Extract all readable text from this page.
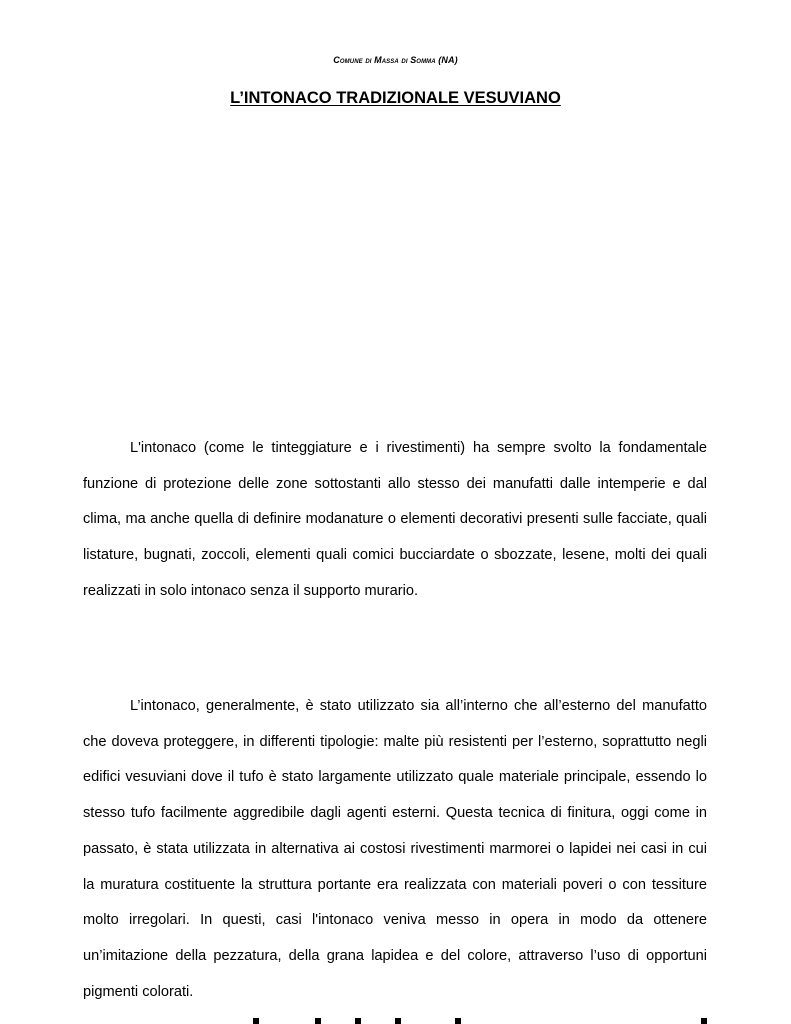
Comune di Massa di Somma (NA)
L’INTONACO TRADIZIONALE VESUVIANO

L'intonaco (come le tinteggiature e i rivestimenti) ha sempre svolto la fondamentale funzione di protezione delle zone sottostanti allo stesso dei manufatti dalle intemperie e dal clima, ma anche quella di definire modanature o elementi decorativi presenti sulle facciate, quali listature, bugnati, zoccoli, elementi quali comici bucciardate o sbozzate, lesene, molti dei quali realizzati in solo intonaco senza il supporto murario.

L’intonaco, generalmente, è stato utilizzato sia all’interno che all’esterno del manufatto che doveva proteggere, in differenti tipologie: malte più resistenti per l’esterno, soprattutto negli edifici vesuviani dove il tufo è stato largamente utilizzato quale materiale principale, essendo lo stesso tufo facilmente aggredibile dagli agenti esterni. Questa tecnica di finitura, oggi come in passato, è stata utilizzata in alternativa ai costosi rivestimenti marmorei o lapidei nei casi in cui la muratura costituente la struttura portante era realizzata con materiali poveri o con tessiture molto irregolari. In questi, casi l'intonaco veniva messo in opera in modo da ottenere un’imitazione della pezzatura, della grana lapidea e del colore, attraverso l’uso di opportuni pigmenti colorati.
